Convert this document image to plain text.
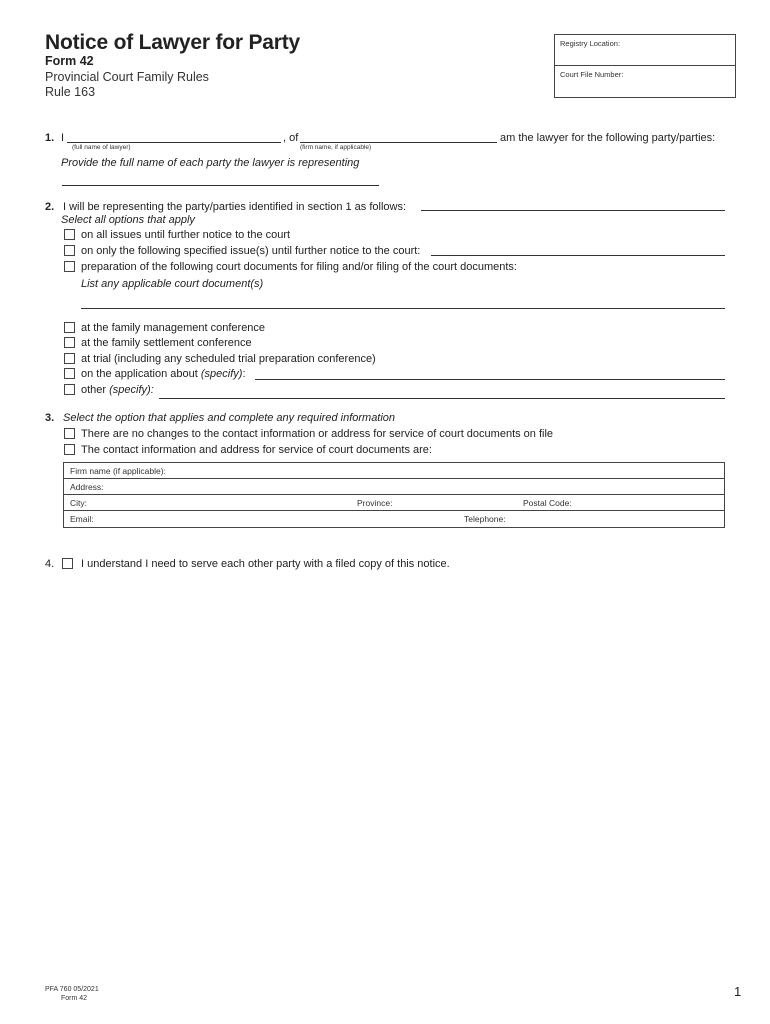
Notice of Lawyer for Party
Form 42
Provincial Court Family Rules
Rule 163
Registry Location:
Court File Number:
1. I	, of	am the lawyer for the following party/parties:
(full name of lawyer)	(firm name, if applicable)
Provide the full name of each party the lawyer is representing
2. I will be representing the party/parties identified in section 1 as follows:
Select all options that apply
on all issues until further notice to the court
on only the following specified issue(s) until further notice to the court:
preparation of the following court documents for filing and/or filing of the court documents:
List any applicable court document(s)
at the family management conference
at the family settlement conference
at trial (including any scheduled trial preparation conference)
on the application about (specify):
other (specify):
3. Select the option that applies and complete any required information
There are no changes to the contact information or address for service of court documents on file
The contact information and address for service of court documents are:
Firm name (if applicable):
Address:
City:	Province:	Postal Code:
Email:	Telephone:
4. I understand I need to serve each other party with a filed copy of this notice.
PFA 760 05/2021
Form 42	1
